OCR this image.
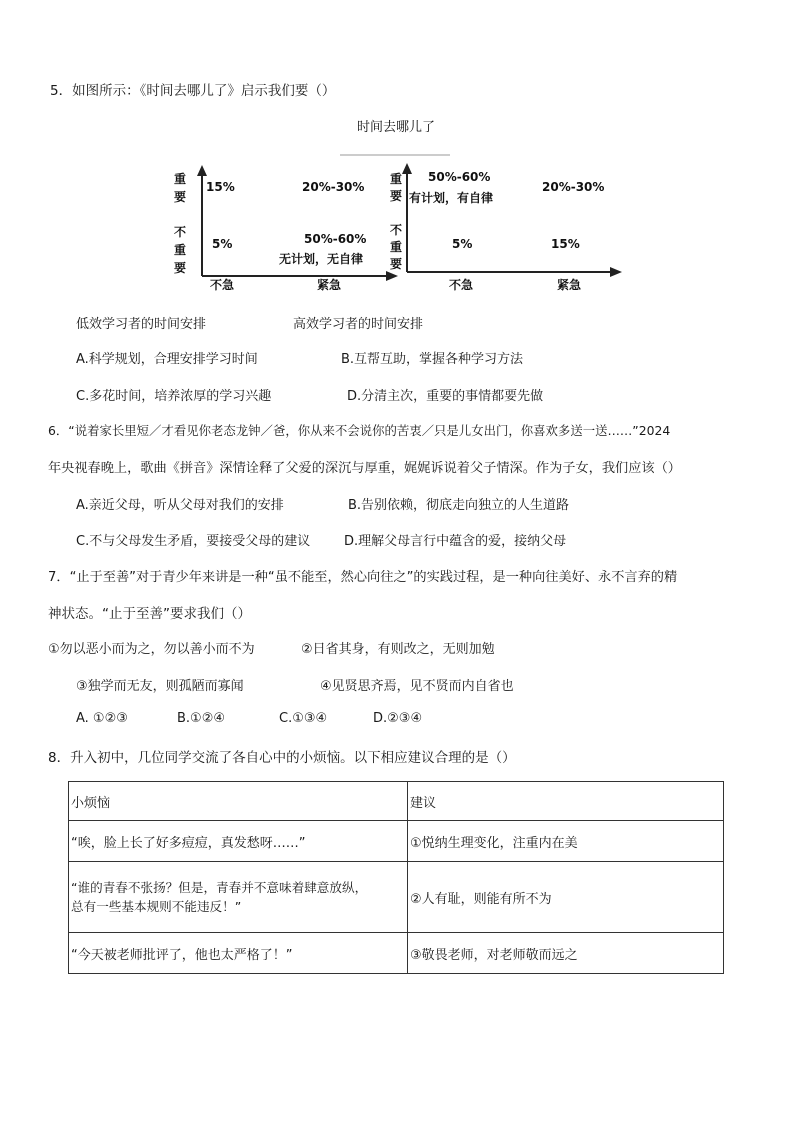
5．如图所示：《时间去哪儿了》启示我们要（）
时间去哪儿了
重
要
不
重
要
15%	20%-30%
5%	50%-60%
无计划，无自律
不急	紧急
重
要
不
重
要
50%-60%
有计划，有自律
20%-30%
5%	15%
不急	紧急
低效学习者的时间安排	高效学习者的时间安排
A.科学规划，合理安排学习时间	B.互帮互助，掌握各种学习方法
C.多花时间，培养浓厚的学习兴趣	D.分清主次，重要的事情都要先做
6．“说着家长里短／才看见你老态龙钟／爸，你从来不会说你的苦衷／只是儿女出门，你喜欢多送一送……”2024
年央视春晚上，歌曲《拼音》深情诠释了父爱的深沉与厚重，娓娓诉说着父子情深。作为子女，我们应该（）
A.亲近父母，听从父母对我们的安排	B.告别依赖，彻底走向独立的人生道路
C.不与父母发生矛盾，要接受父母的建议	D.理解父母言行中蕴含的爱，接纳父母
7．“止于至善”对于青少年来讲是一种“虽不能至，然心向往之”的实践过程，是一种向往美好、永不言弃的精
神状态。“止于至善”要求我们（）
①勿以恶小而为之，勿以善小而不为	②日省其身，有则改之，无则加勉
③独学而无友，则孤陋而寡闻	④见贤思齐焉，见不贤而内自省也
A. ①②③	B.①②④	C.①③④	D.②③④
8．升入初中，几位同学交流了各自心中的小烦恼。以下相应建议合理的是（）
小烦恼	建议
“唉，脸上长了好多痘痘，真发愁呀……”	①悦纳生理变化，注重内在美

“谁的青春不张扬？但是，青春并不意味着肆意放纵，
总有一些基本规则不能违反！”	②人有耻，则能有所不为
“今天被老师批评了，他也太严格了！”	③敬畏老师，对老师敬而远之
